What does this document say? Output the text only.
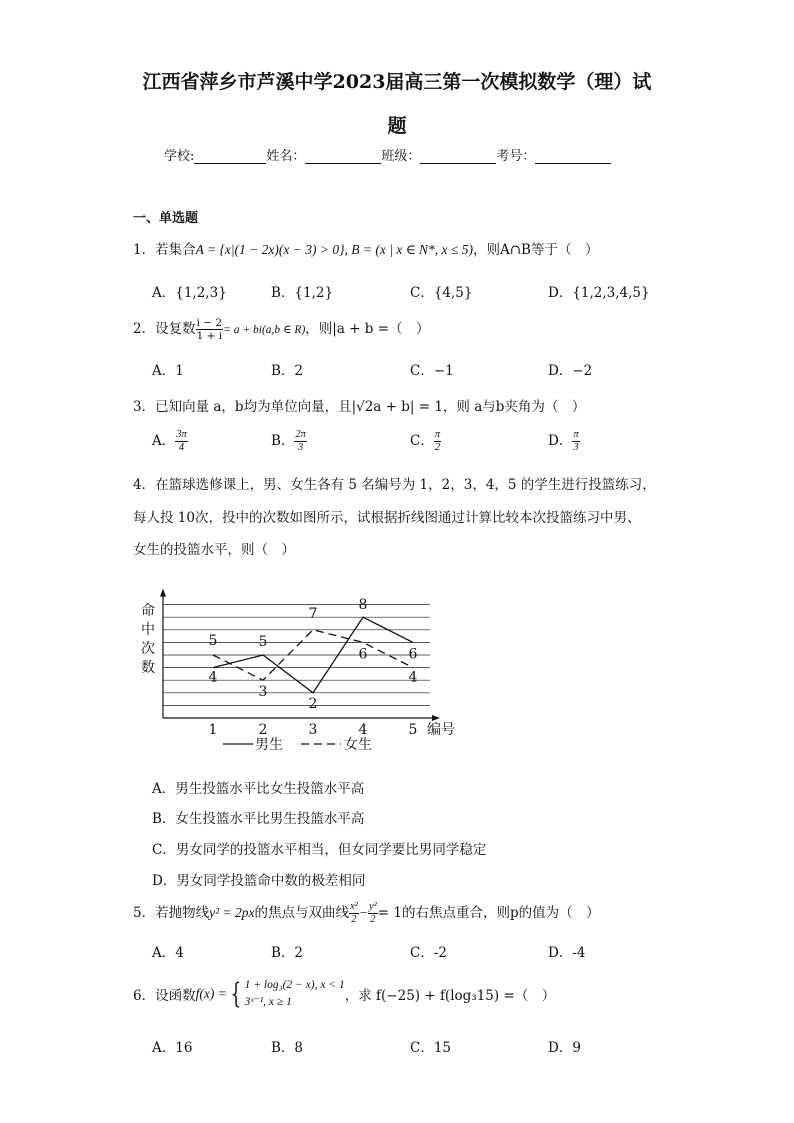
江西省萍乡市芦溪中学2023届高三第一次模拟数学（理）试
题
学校:	姓名：	班级：	考号：
一、单选题
1．若集合A = {x|(1 − 2x)(x − 3) > 0}, B = (x | x ∈ N*, x ≤ 5)，则A∩B等于（　）
A．{1,2,3}	B．{1,2}	C．{4,5}	D．{1,2,3,4,5}
2．设复数 $\frac{i - 2}{1 + i} = a + bi(a,b$ ∈ R)，则|a + b =（　）
A．1	B．2	C．−1	D．−2
3．已知向量 a，b均为单位向量，且|√2a + b| = 1，则 a与b夹角为（　）
A． $\frac{3\pi}{4}$	B． $\frac{2\pi}{3}$	C． $\frac{\pi}{2}$	D． $\frac{\pi}{3}$
4．在篮球选修课上，男、女生各有 5 名编号为 1，2，3，4，5 的学生进行投篮练习，
每人投 10次，投中的次数如图所示，试根据折线图通过计算比较本次投篮练习中男、
女生的投篮水平，则（　）
1	2	3	4	5 编号
命
中
次
数
4
5
2
8
6
5
3
7
6
4
男生	女生
A．男生投篮水平比女生投篮水平高
B．女生投篮水平比男生投篮水平高
C．男女同学的投篮水平相当，但女同学要比男同学稳定
D．男女同学投篮命中数的极差相同
5．若抛物线y² = 2px的焦点与双曲线 $\frac{\text{x²}}{2} - \frac{\text{y²}}{2} = 1$的右焦点重合，则p的值为（　）
A．4	B．2	C．-2	D．-4
6．设函数f(x) = { 1 + log₃(2 − x), x < 1
3ˣ⁻¹, x ≥ 1	，求 f(−25) + f(log₃15) =（　）
A．16	B．8	C．15	D．9
